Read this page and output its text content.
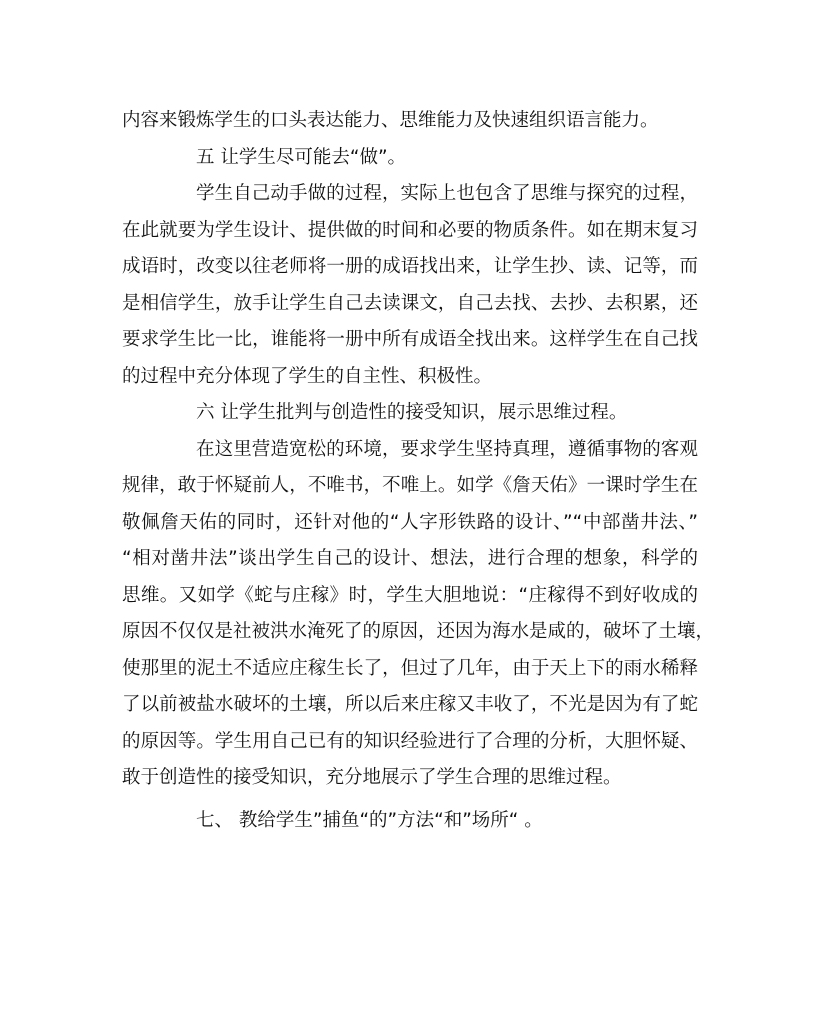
内容来锻炼学生的口头表达能力、思维能力及快速组织语言能力。
五 让学生尽可能去“做”。
学生自己动手做的过程，实际上也包含了思维与探究的过程，
在此就要为学生设计、提供做的时间和必要的物质条件。如在期末复习
成语时，改变以往老师将一册的成语找出来，让学生抄、读、记等，而
是相信学生，放手让学生自己去读课文，自己去找、去抄、去积累，还
要求学生比一比，谁能将一册中所有成语全找出来。这样学生在自己找
的过程中充分体现了学生的自主性、积极性。
六 让学生批判与创造性的接受知识，展示思维过程。
在这里营造宽松的环境，要求学生坚持真理，遵循事物的客观
规律，敢于怀疑前人，不唯书，不唯上。如学《詹天佑》一课时学生在
敬佩詹天佑的同时，还针对他的“人字形铁路的设计、”“中部凿井法、”
“相对凿井法”谈出学生自己的设计、想法，进行合理的想象，科学的
思维。又如学《蛇与庄稼》时，学生大胆地说：“庄稼得不到好收成的
原因不仅仅是社被洪水淹死了的原因，还因为海水是咸的，破坏了土壤，
使那里的泥土不适应庄稼生长了，但过了几年，由于天上下的雨水稀释
了以前被盐水破坏的土壤，所以后来庄稼又丰收了，不光是因为有了蛇
的原因等。学生用自己已有的知识经验进行了合理的分析，大胆怀疑、
敢于创造性的接受知识，充分地展示了学生合理的思维过程。
七、 教给学生”捕鱼“的”方法“和”场所“ 。
